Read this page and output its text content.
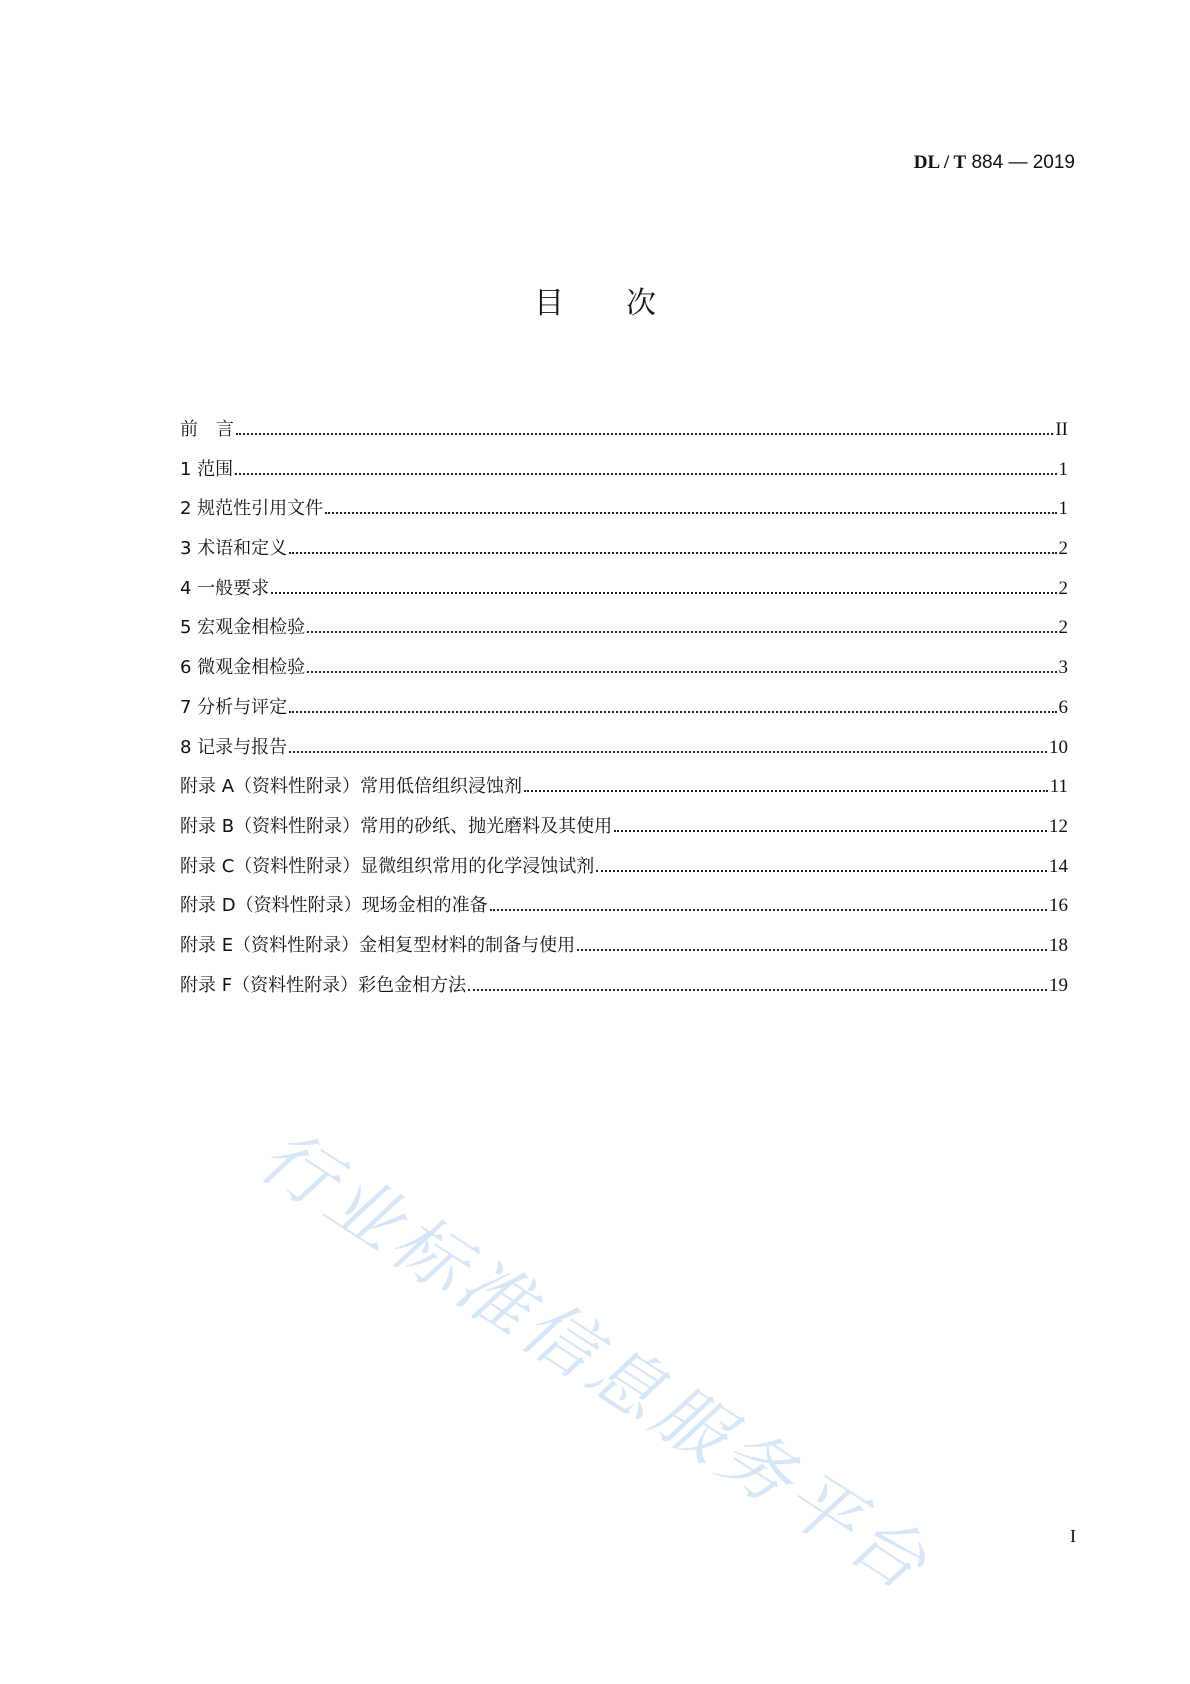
DL / T 884 — 2019
目次
前　言	II
1 范围	1
2 规范性引用文件	1
3 术语和定义	2
4 一般要求	2
5 宏观金相检验	2
6 微观金相检验	3
7 分析与评定	6
8 记录与报告	10
附录 A（资料性附录）常用低倍组织浸蚀剂	11
附录 B（资料性附录）常用的砂纸、抛光磨料及其使用	12
附录 C（资料性附录）显微组织常用的化学浸蚀试剂	14
附录 D（资料性附录）现场金相的准备	16
附录 E（资料性附录）金相复型材料的制备与使用	18
附录 F（资料性附录）彩色金相方法	19
行业标准信息服务平台	I
